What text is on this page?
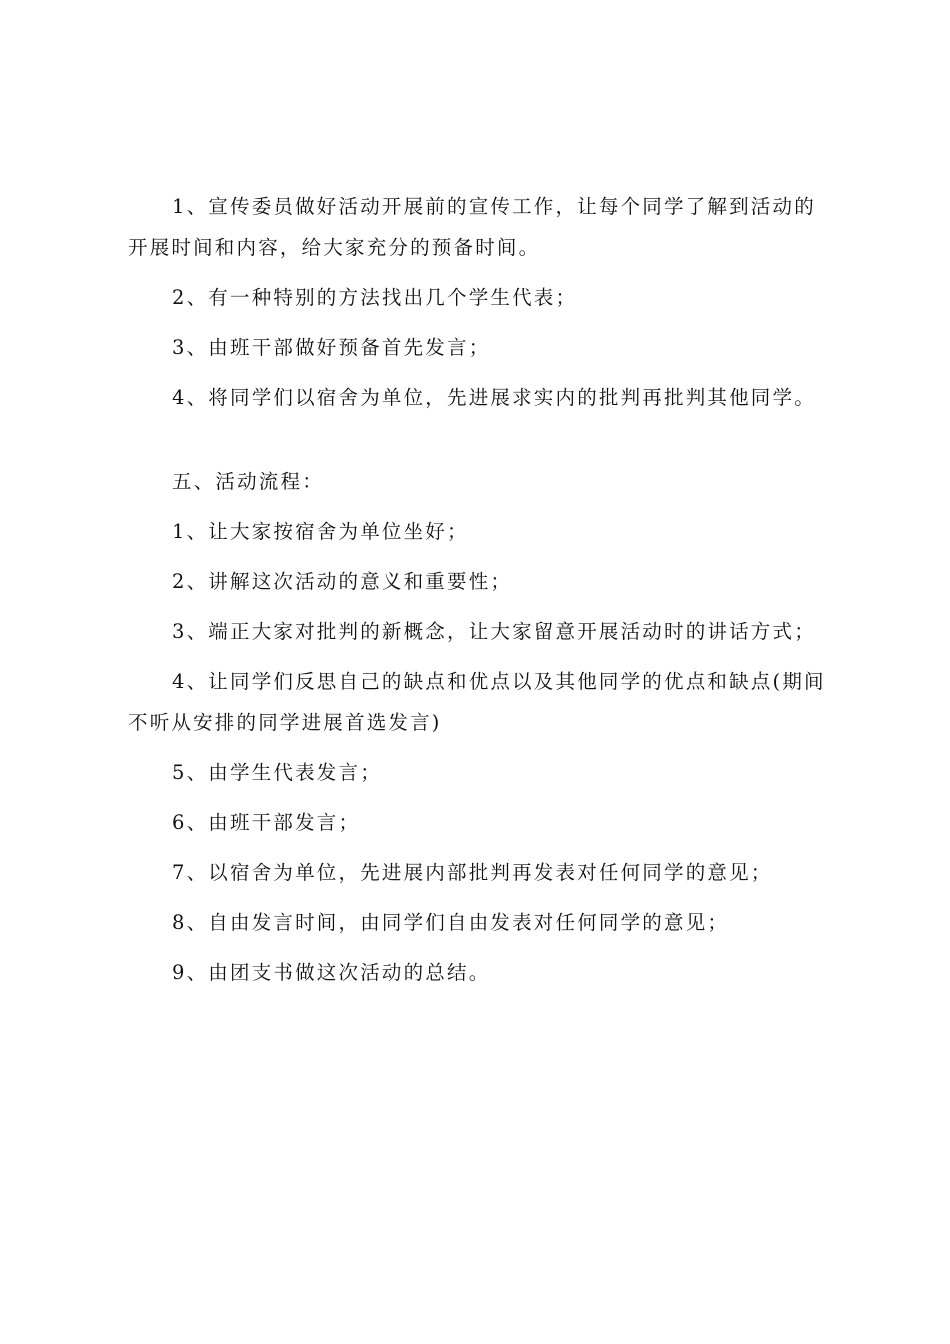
1、宣传委员做好活动开展前的宣传工作，让每个同学了解到活动的开展时间和内容，给大家充分的预备时间。

2、有一种特别的方法找出几个学生代表；

3、由班干部做好预备首先发言；

4、将同学们以宿舍为单位，先进展求实内的批判再批判其他同学。

五、活动流程：

1、让大家按宿舍为单位坐好；

2、讲解这次活动的意义和重要性；

3、端正大家对批判的新概念，让大家留意开展活动时的讲话方式；

4、让同学们反思自己的缺点和优点以及其他同学的优点和缺点(期间不听从安排的同学进展首选发言)

5、由学生代表发言；

6、由班干部发言；

7、以宿舍为单位，先进展内部批判再发表对任何同学的意见；

8、自由发言时间，由同学们自由发表对任何同学的意见；

9、由团支书做这次活动的总结。
